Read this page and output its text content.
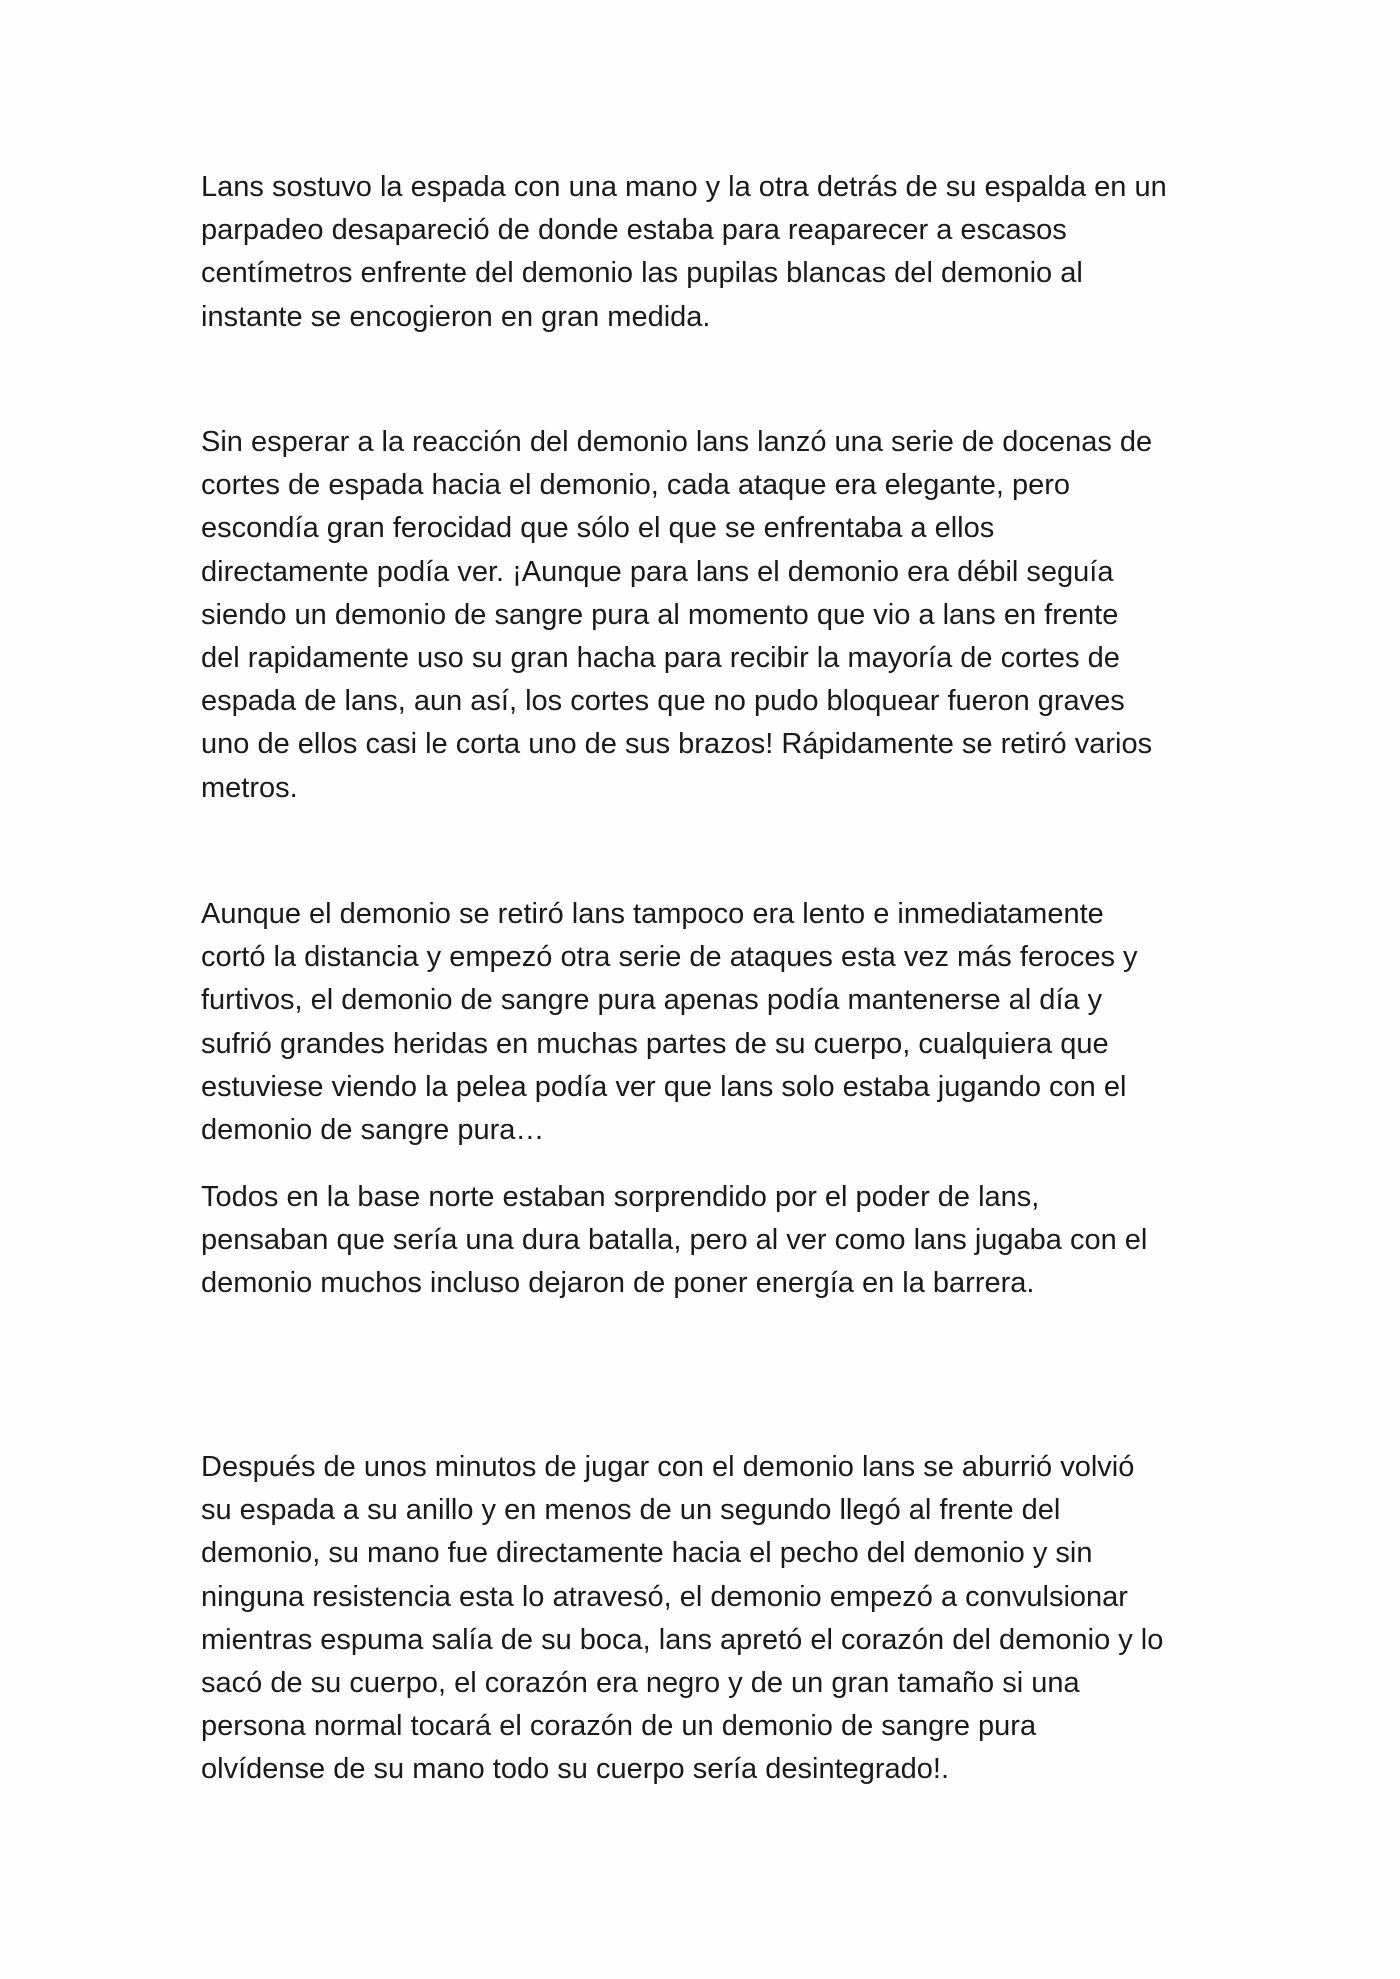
Lans sostuvo la espada con una mano y la otra detrás de su espalda en un
parpadeo desapareció de donde estaba para reaparecer a escasos
centímetros enfrente del demonio las pupilas blancas del demonio al
instante se encogieron en gran medida.

Sin esperar a la reacción del demonio lans lanzó una serie de docenas de
cortes de espada hacia el demonio, cada ataque era elegante, pero
escondía gran ferocidad que sólo el que se enfrentaba a ellos
directamente podía ver. ¡Aunque para lans el demonio era débil seguía
siendo un demonio de sangre pura al momento que vio a lans en frente
del rapidamente uso su gran hacha para recibir la mayoría de cortes de
espada de lans, aun así, los cortes que no pudo bloquear fueron graves
uno de ellos casi le corta uno de sus brazos! Rápidamente se retiró varios
metros.

Aunque el demonio se retiró lans tampoco era lento e inmediatamente
cortó la distancia y empezó otra serie de ataques esta vez más feroces y
furtivos, el demonio de sangre pura apenas podía mantenerse al día y
sufrió grandes heridas en muchas partes de su cuerpo, cualquiera que
estuviese viendo la pelea podía ver que lans solo estaba jugando con el
demonio de sangre pura…

Todos en la base norte estaban sorprendido por el poder de lans,
pensaban que sería una dura batalla, pero al ver como lans jugaba con el
demonio muchos incluso dejaron de poner energía en la barrera.

Después de unos minutos de jugar con el demonio lans se aburrió volvió
su espada a su anillo y en menos de un segundo llegó al frente del
demonio, su mano fue directamente hacia el pecho del demonio y sin
ninguna resistencia esta lo atravesó, el demonio empezó a convulsionar
mientras espuma salía de su boca, lans apretó el corazón del demonio y lo
sacó de su cuerpo, el corazón era negro y de un gran tamaño si una
persona normal tocará el corazón de un demonio de sangre pura
olvídense de su mano todo su cuerpo sería desintegrado!.
